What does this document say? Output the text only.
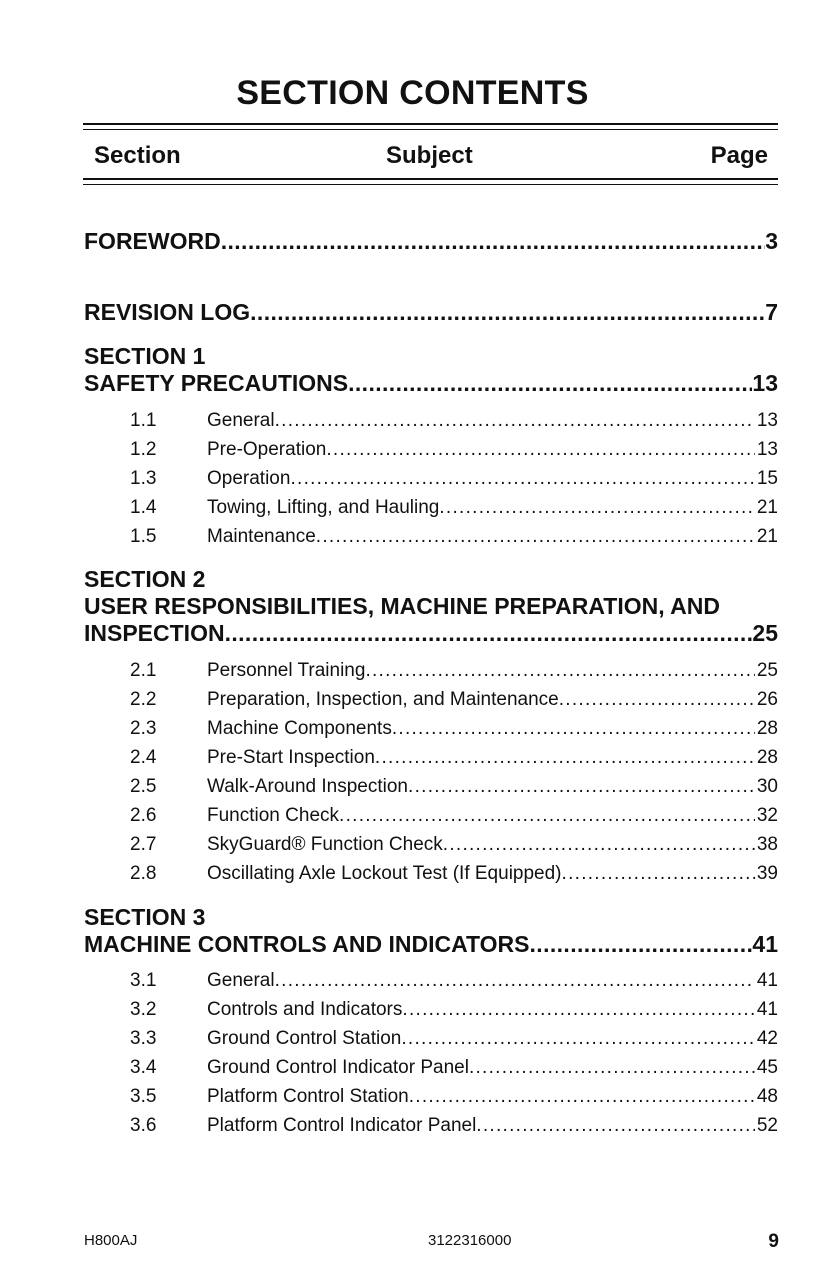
SECTION CONTENTS
Section	Subject	Page
FOREWORD . . .	3
REVISION LOG . . .	7
SECTION 1
SAFETY PRECAUTIONS . . .	13
1.1	General . . .	13
1.2	Pre-Operation . . .	13
1.3	Operation . . .	15
1.4	Towing, Lifting, and Hauling . . .	21
1.5	Maintenance . . .	21
SECTION 2
USER RESPONSIBILITIES, MACHINE PREPARATION, AND
INSPECTION . . .	25
2.1	Personnel Training . . .	25
2.2	Preparation, Inspection, and Maintenance . . .	26
2.3	Machine Components . . .	28
2.4	Pre-Start Inspection . . .	28
2.5	Walk-Around Inspection . . .	30
2.6	Function Check . . .	32
2.7	SkyGuard® Function Check . . .	38
2.8	Oscillating Axle Lockout Test (If Equipped) . . .	39
SECTION 3
MACHINE CONTROLS AND INDICATORS . . .	41
3.1	General . . .	41
3.2	Controls and Indicators . . .	41
3.3	Ground Control Station . . .	42
3.4	Ground Control Indicator Panel . . .	45
3.5	Platform Control Station . . .	48
3.6	Platform Control Indicator Panel . . .	52
H800AJ	3122316000	9
